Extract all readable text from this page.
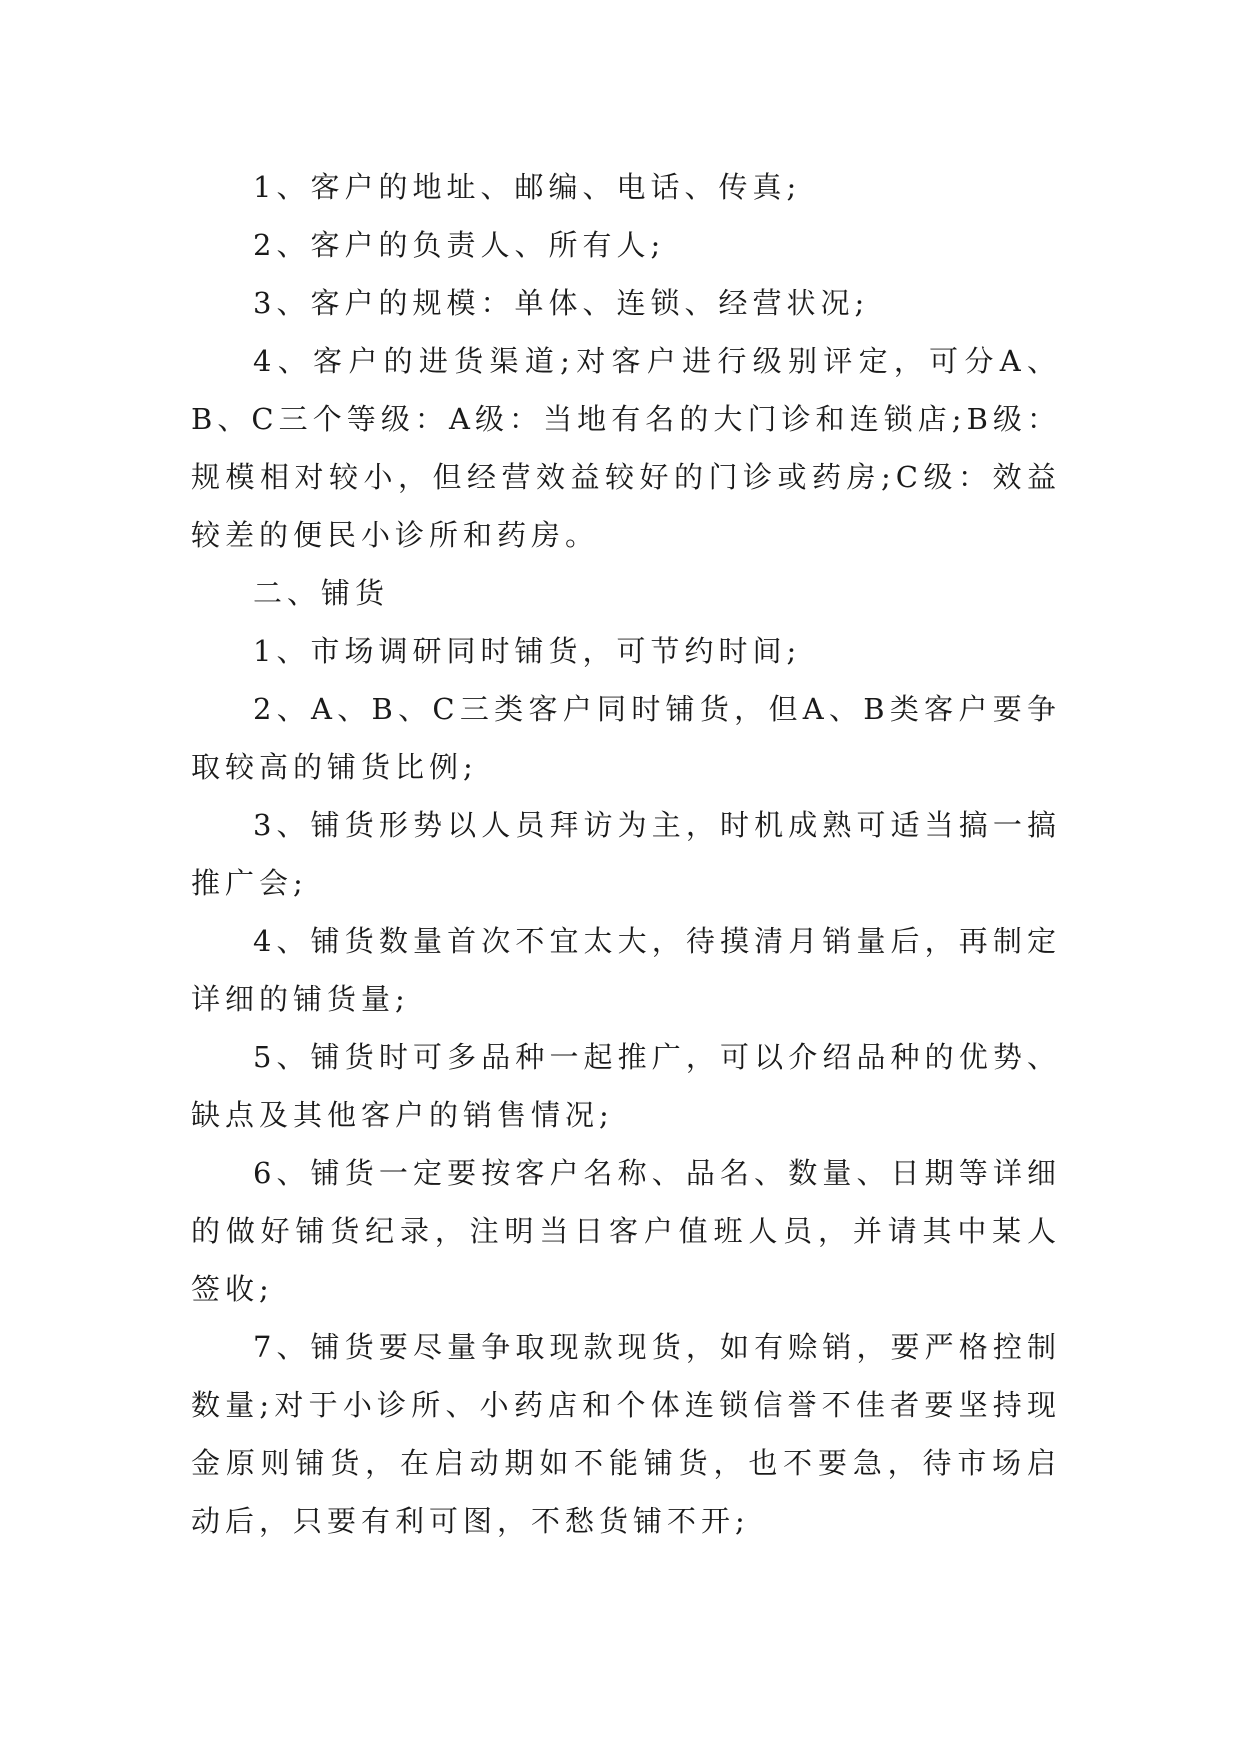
1、客户的地址、邮编、电话、传真;

2、客户的负责人、所有人;

3、客户的规模：单体、连锁、经营状况;

4、客户的进货渠道;对客户进行级别评定，可分A、B、C三个等级：A级：当地有名的大门诊和连锁店;B级：规模相对较小，但经营效益较好的门诊或药房;C级：效益较差的便民小诊所和药房。

二、铺货

1、市场调研同时铺货，可节约时间;

2、A、B、C三类客户同时铺货，但A、B类客户要争取较高的铺货比例;

3、铺货形势以人员拜访为主，时机成熟可适当搞一搞推广会;

4、铺货数量首次不宜太大，待摸清月销量后，再制定详细的铺货量;

5、铺货时可多品种一起推广，可以介绍品种的优势、缺点及其他客户的销售情况;

6、铺货一定要按客户名称、品名、数量、日期等详细的做好铺货纪录，注明当日客户值班人员，并请其中某人签收;

7、铺货要尽量争取现款现货，如有赊销，要严格控制数量;对于小诊所、小药店和个体连锁信誉不佳者要坚持现金原则铺货，在启动期如不能铺货，也不要急，待市场启动后，只要有利可图，不愁货铺不开;
